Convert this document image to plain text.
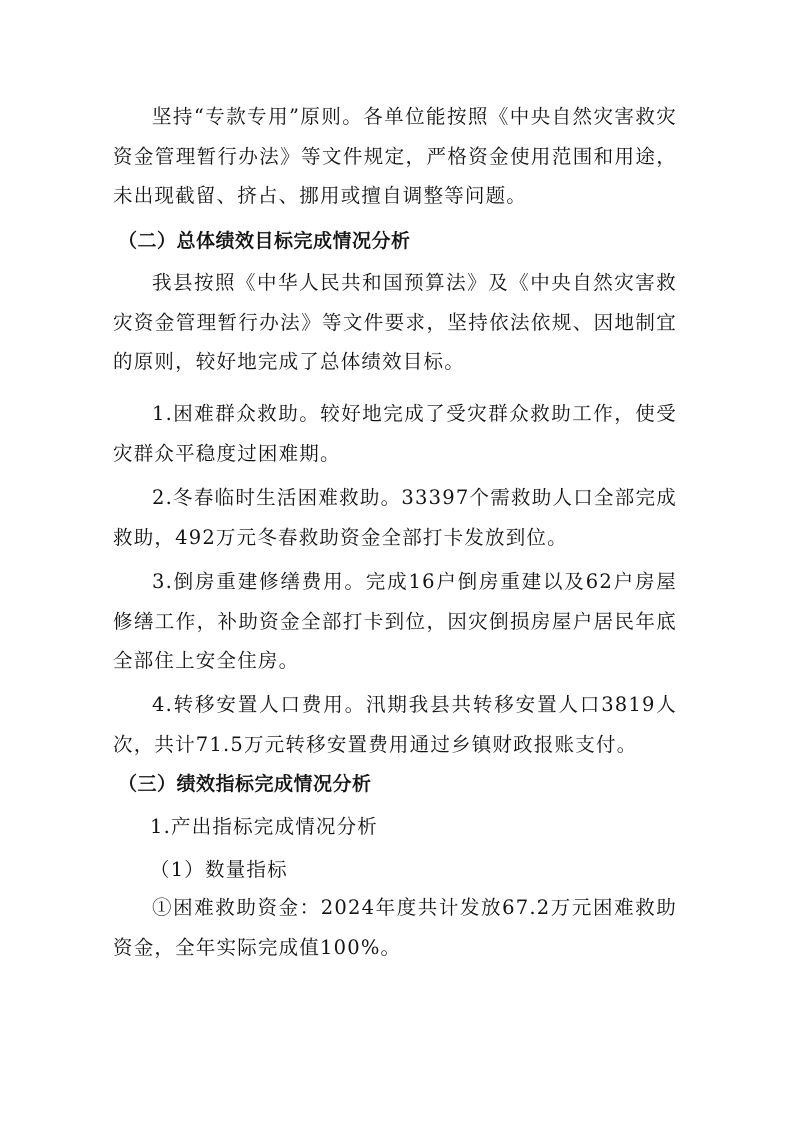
坚持“专款专用”原则。各单位能按照《中央自然灾害救灾资金管理暂行办法》等文件规定，严格资金使用范围和用途，未出现截留、挤占、挪用或擅自调整等问题。

（二）总体绩效目标完成情况分析

我县按照《中华人民共和国预算法》及《中央自然灾害救灾资金管理暂行办法》等文件要求，坚持依法依规、因地制宜的原则，较好地完成了总体绩效目标。

1.困难群众救助。较好地完成了受灾群众救助工作，使受灾群众平稳度过困难期。

2.冬春临时生活困难救助。33397个需救助人口全部完成救助，492万元冬春救助资金全部打卡发放到位。

3.倒房重建修缮费用。完成16户倒房重建以及62户房屋修缮工作，补助资金全部打卡到位，因灾倒损房屋户居民年底全部住上安全住房。

4.转移安置人口费用。汛期我县共转移安置人口3819人次，共计71.5万元转移安置费用通过乡镇财政报账支付。

（三）绩效指标完成情况分析

1.产出指标完成情况分析

（1）数量指标

①困难救助资金：2024年度共计发放67.2万元困难救助资金，全年实际完成值100%。
